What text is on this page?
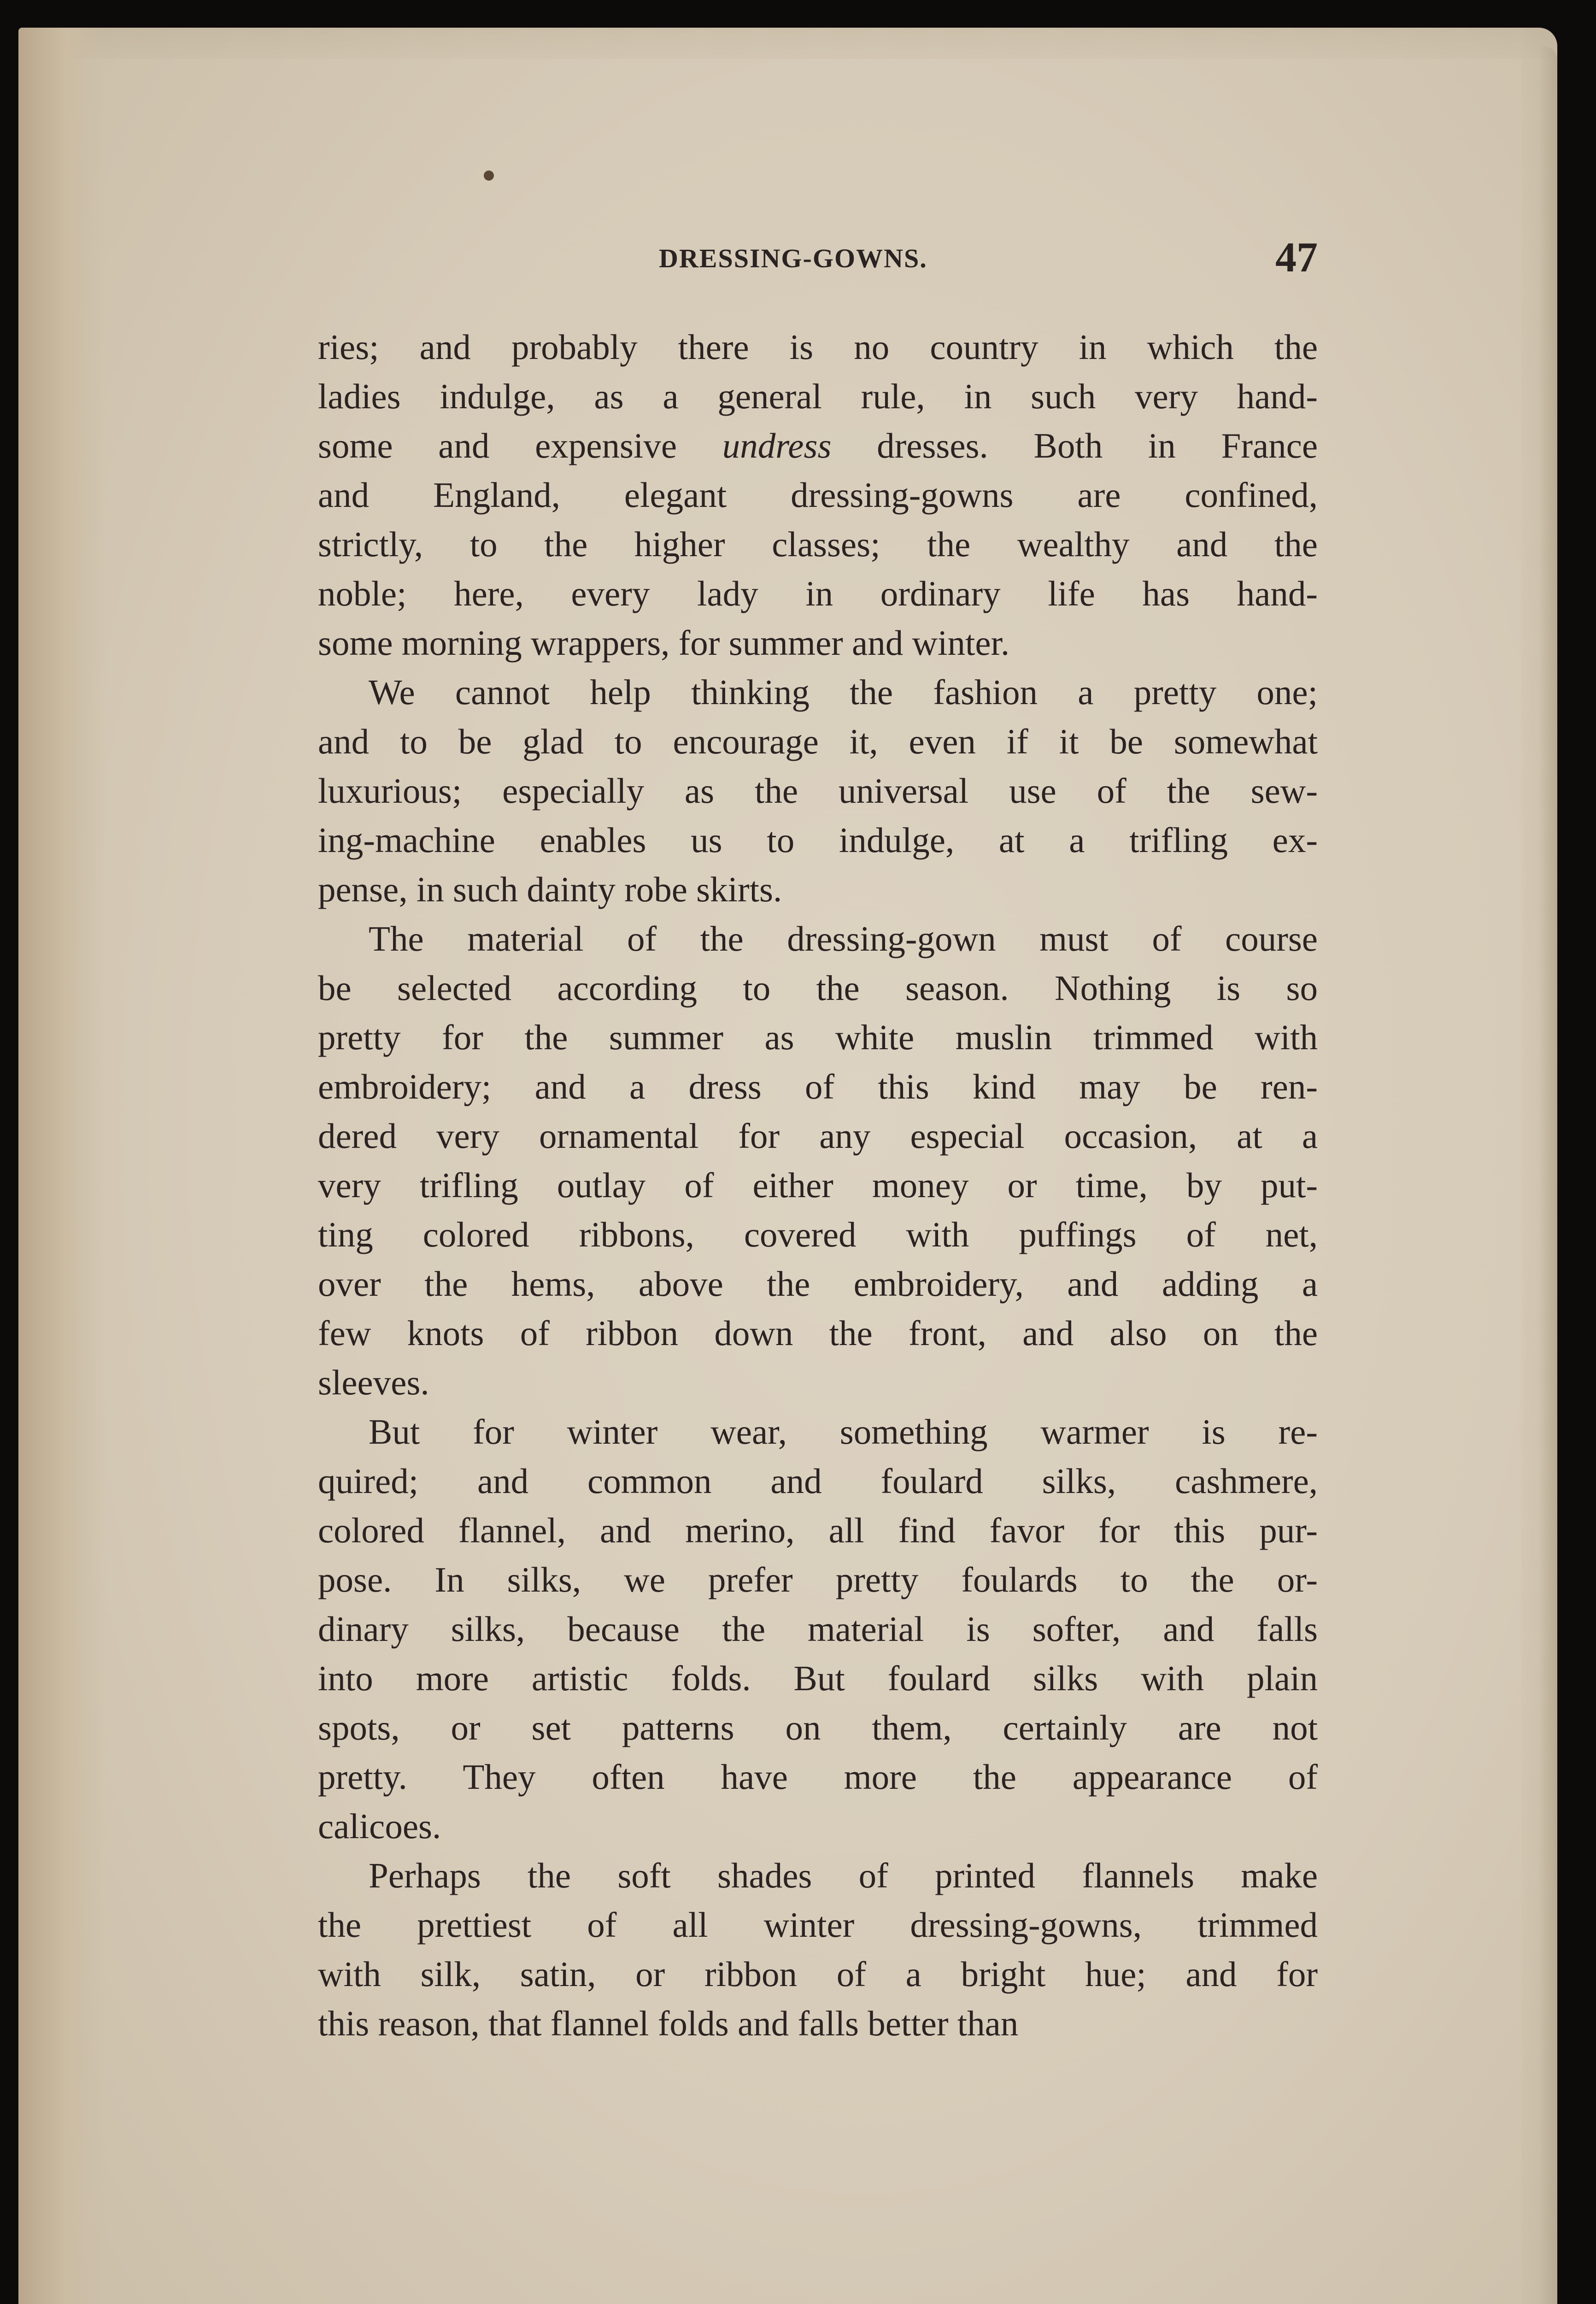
DRESSING-GOWNS.	47

ries; and probably there is no country in which the
ladies indulge, as a general rule, in such very hand-
some and expensive undress dresses. Both in France
and England, elegant dressing-gowns are confined,
strictly, to the higher classes; the wealthy and the
noble; here, every lady in ordinary life has hand-
some morning wrappers, for summer and winter.

We cannot help thinking the fashion a pretty one;
and to be glad to encourage it, even if it be somewhat
luxurious; especially as the universal use of the sew-
ing-machine enables us to indulge, at a trifling ex-
pense, in such dainty robe skirts.

The material of the dressing-gown must of course
be selected according to the season. Nothing is so
pretty for the summer as white muslin trimmed with
embroidery; and a dress of this kind may be ren-
dered very ornamental for any especial occasion, at a
very trifling outlay of either money or time, by put-
ting colored ribbons, covered with puffings of net,
over the hems, above the embroidery, and adding a
few knots of ribbon down the front, and also on the
sleeves.

But for winter wear, something warmer is re-
quired; and common and foulard silks, cashmere,
colored flannel, and merino, all find favor for this pur-
pose. In silks, we prefer pretty foulards to the or-
dinary silks, because the material is softer, and falls
into more artistic folds. But foulard silks with plain
spots, or set patterns on them, certainly are not
pretty. They often have more the appearance of
calicoes.

Perhaps the soft shades of printed flannels make
the prettiest of all winter dressing-gowns, trimmed
with silk, satin, or ribbon of a bright hue; and for
this reason, that flannel folds and falls better than
